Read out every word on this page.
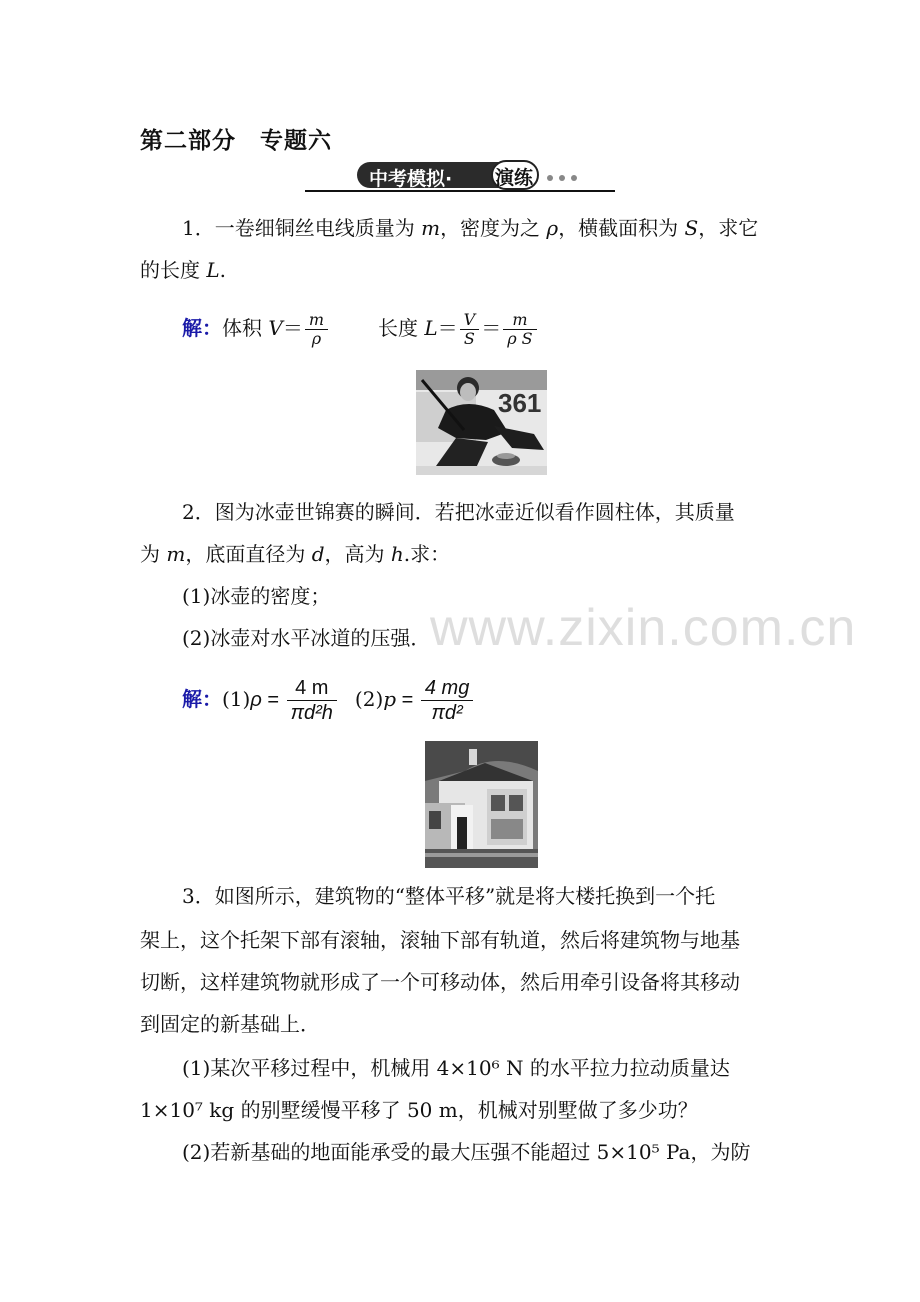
第二部分　专题六
中考模拟· 演练

1．一卷细铜丝电线质量为 m，密度为之 ρ，横截面积为 S，求它

的长度 L.

解：体积 $V= \frac{m}{\rho}$	长度 $L= \frac{V}{S} = \frac{m}{\text{ρ S}}$

361

2．图为冰壶世锦赛的瞬间．若把冰壶近似看作圆柱体，其质量

为 m，底面直径为 d，高为 h.求：

(1)冰壶的密度；

(2)冰壶对水平冰道的压强． www.zixin.com.cn

解：$(1)\rho = \frac{4 m}{\text{πd²h}} (2)p = \frac{4 mg}{\text{πd²}}$

3．如图所示，建筑物的“整体平移”就是将大楼托换到一个托

架上，这个托架下部有滚轴，滚轴下部有轨道，然后将建筑物与地基

切断，这样建筑物就形成了一个可移动体，然后用牵引设备将其移动

到固定的新基础上．

(1)某次平移过程中，机械用 4×10⁶ N 的水平拉力拉动质量达

1×10⁷ kg 的别墅缓慢平移了 50 m，机械对别墅做了多少功？

(2)若新基础的地面能承受的最大压强不能超过 5×10⁵ Pa，为防
